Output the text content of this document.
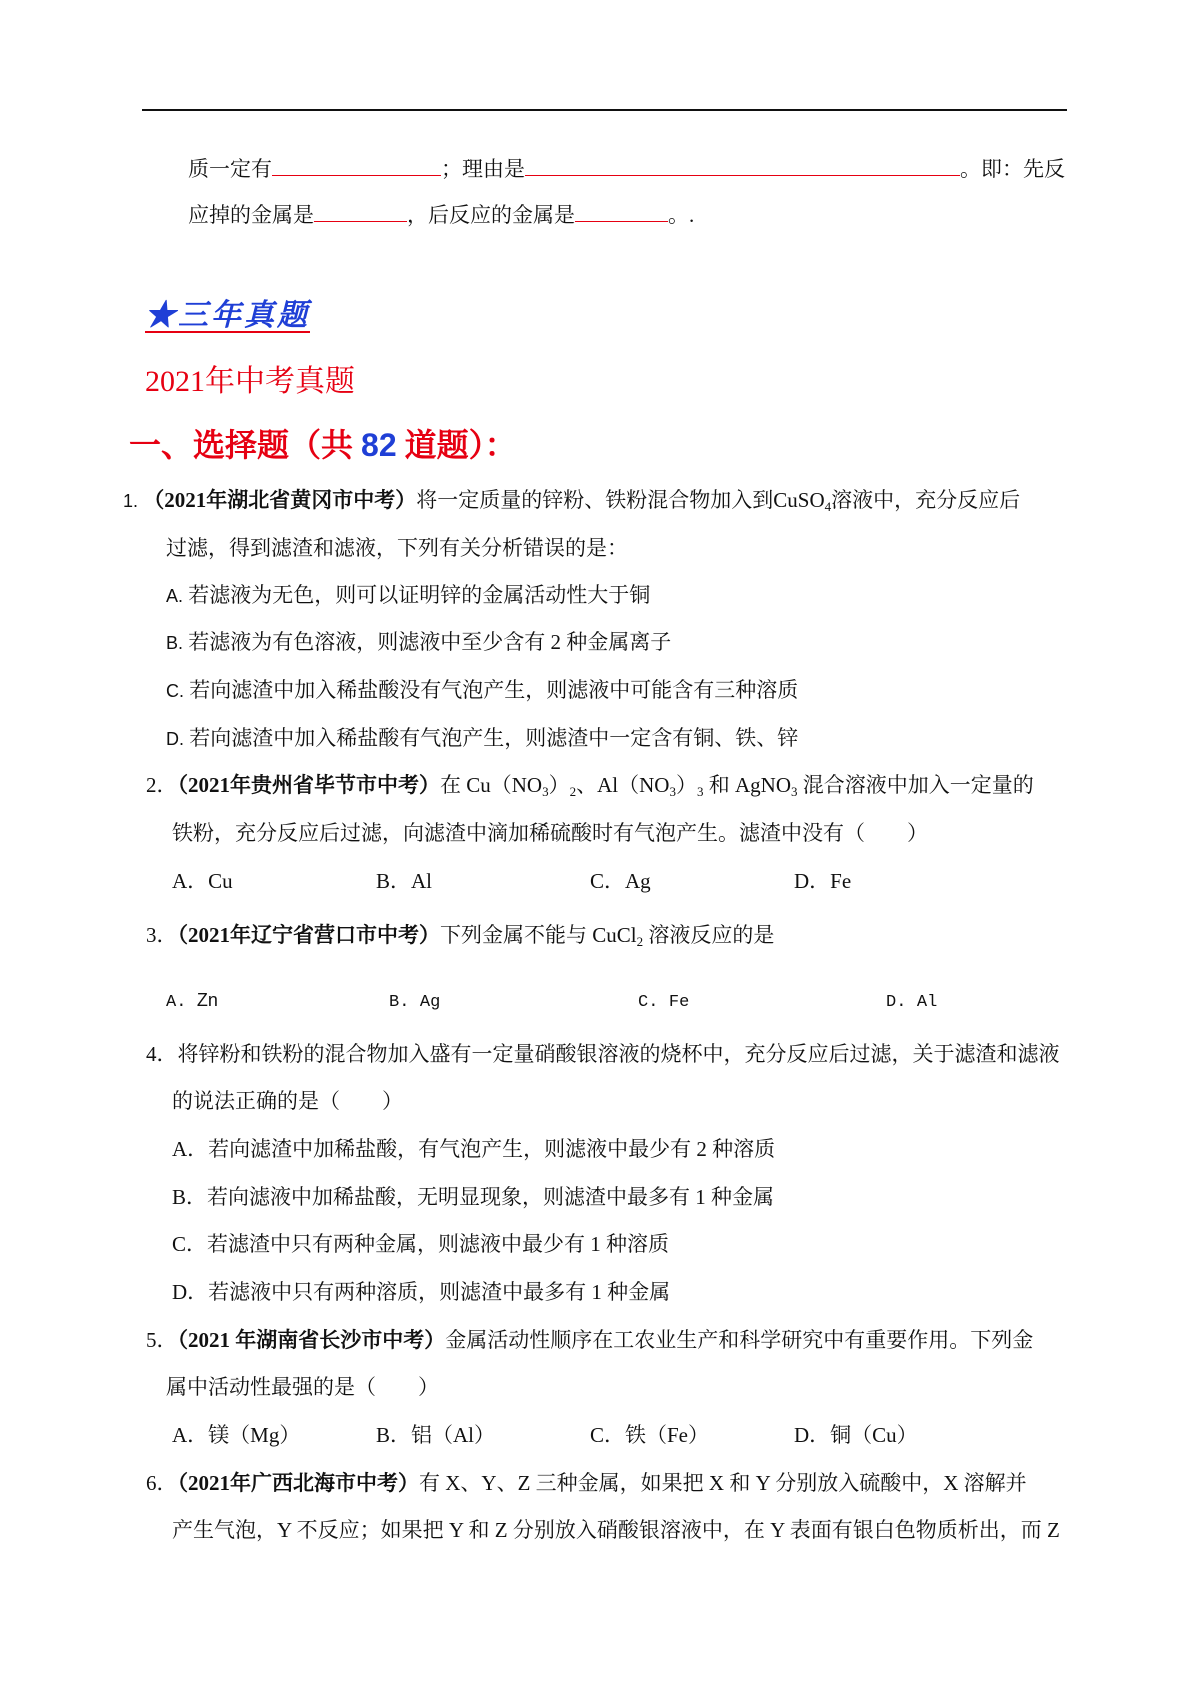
质一定有	；理由是	。即：先反
应掉的金属是	，后反应的金属是	。.
★三年真题
2021年中考真题
一、选择题（共 82 道题）：
1. （2021年湖北省黄冈市中考）将一定质量的锌粉、铁粉混合物加入到CuSO$_4$溶液中，充分反应后
过滤，得到滤渣和滤液，下列有关分析错误的是：
A. 若滤液为无色，则可以证明锌的金属活动性大于铜
B. 若滤液为有色溶液，则滤液中至少含有 2 种金属离子
C. 若向滤渣中加入稀盐酸没有气泡产生，则滤液中可能含有三种溶质
D. 若向滤渣中加入稀盐酸有气泡产生，则滤渣中一定含有铜、铁、锌
2．（2021年贵州省毕节市中考）在 $Cu(NO_3)_2$、$Al(NO_3)_3$ 和 AgNO$_3$ 混合溶液中加入一定量的
铁粉，充分反应后过滤，向滤渣中滴加稀硫酸时有气泡产生。滤渣中没有（　　）
A．Cu	B．Al	C．Ag	D．Fe
3．（2021年辽宁省营口市中考）下列金属不能与 CuCl$_2$ 溶液反应的是
A. Zn	B. Ag	C. Fe	D. Al
4．将锌粉和铁粉的混合物加入盛有一定量硝酸银溶液的烧杯中，充分反应后过滤，关于滤渣和滤液
的说法正确的是（　　）
A．若向滤渣中加稀盐酸，有气泡产生，则滤液中最少有 2 种溶质
B．若向滤液中加稀盐酸，无明显现象，则滤渣中最多有 1 种金属
C．若滤渣中只有两种金属，则滤液中最少有 1 种溶质
D．若滤液中只有两种溶质，则滤渣中最多有 1 种金属
5．（2021 年湖南省长沙市中考）金属活动性顺序在工农业生产和科学研究中有重要作用。下列金
属中活动性最强的是（　　）
A．镁（Mg）	B．铝（Al）	C．铁（Fe）	D．铜（Cu）
6．（2021年广西北海市中考）有 X、Y、Z 三种金属，如果把 X 和 Y 分别放入硫酸中，X 溶解并
产生气泡，Y 不反应；如果把 Y 和 Z 分别放入硝酸银溶液中，在 Y 表面有银白色物质析出，而 Z
